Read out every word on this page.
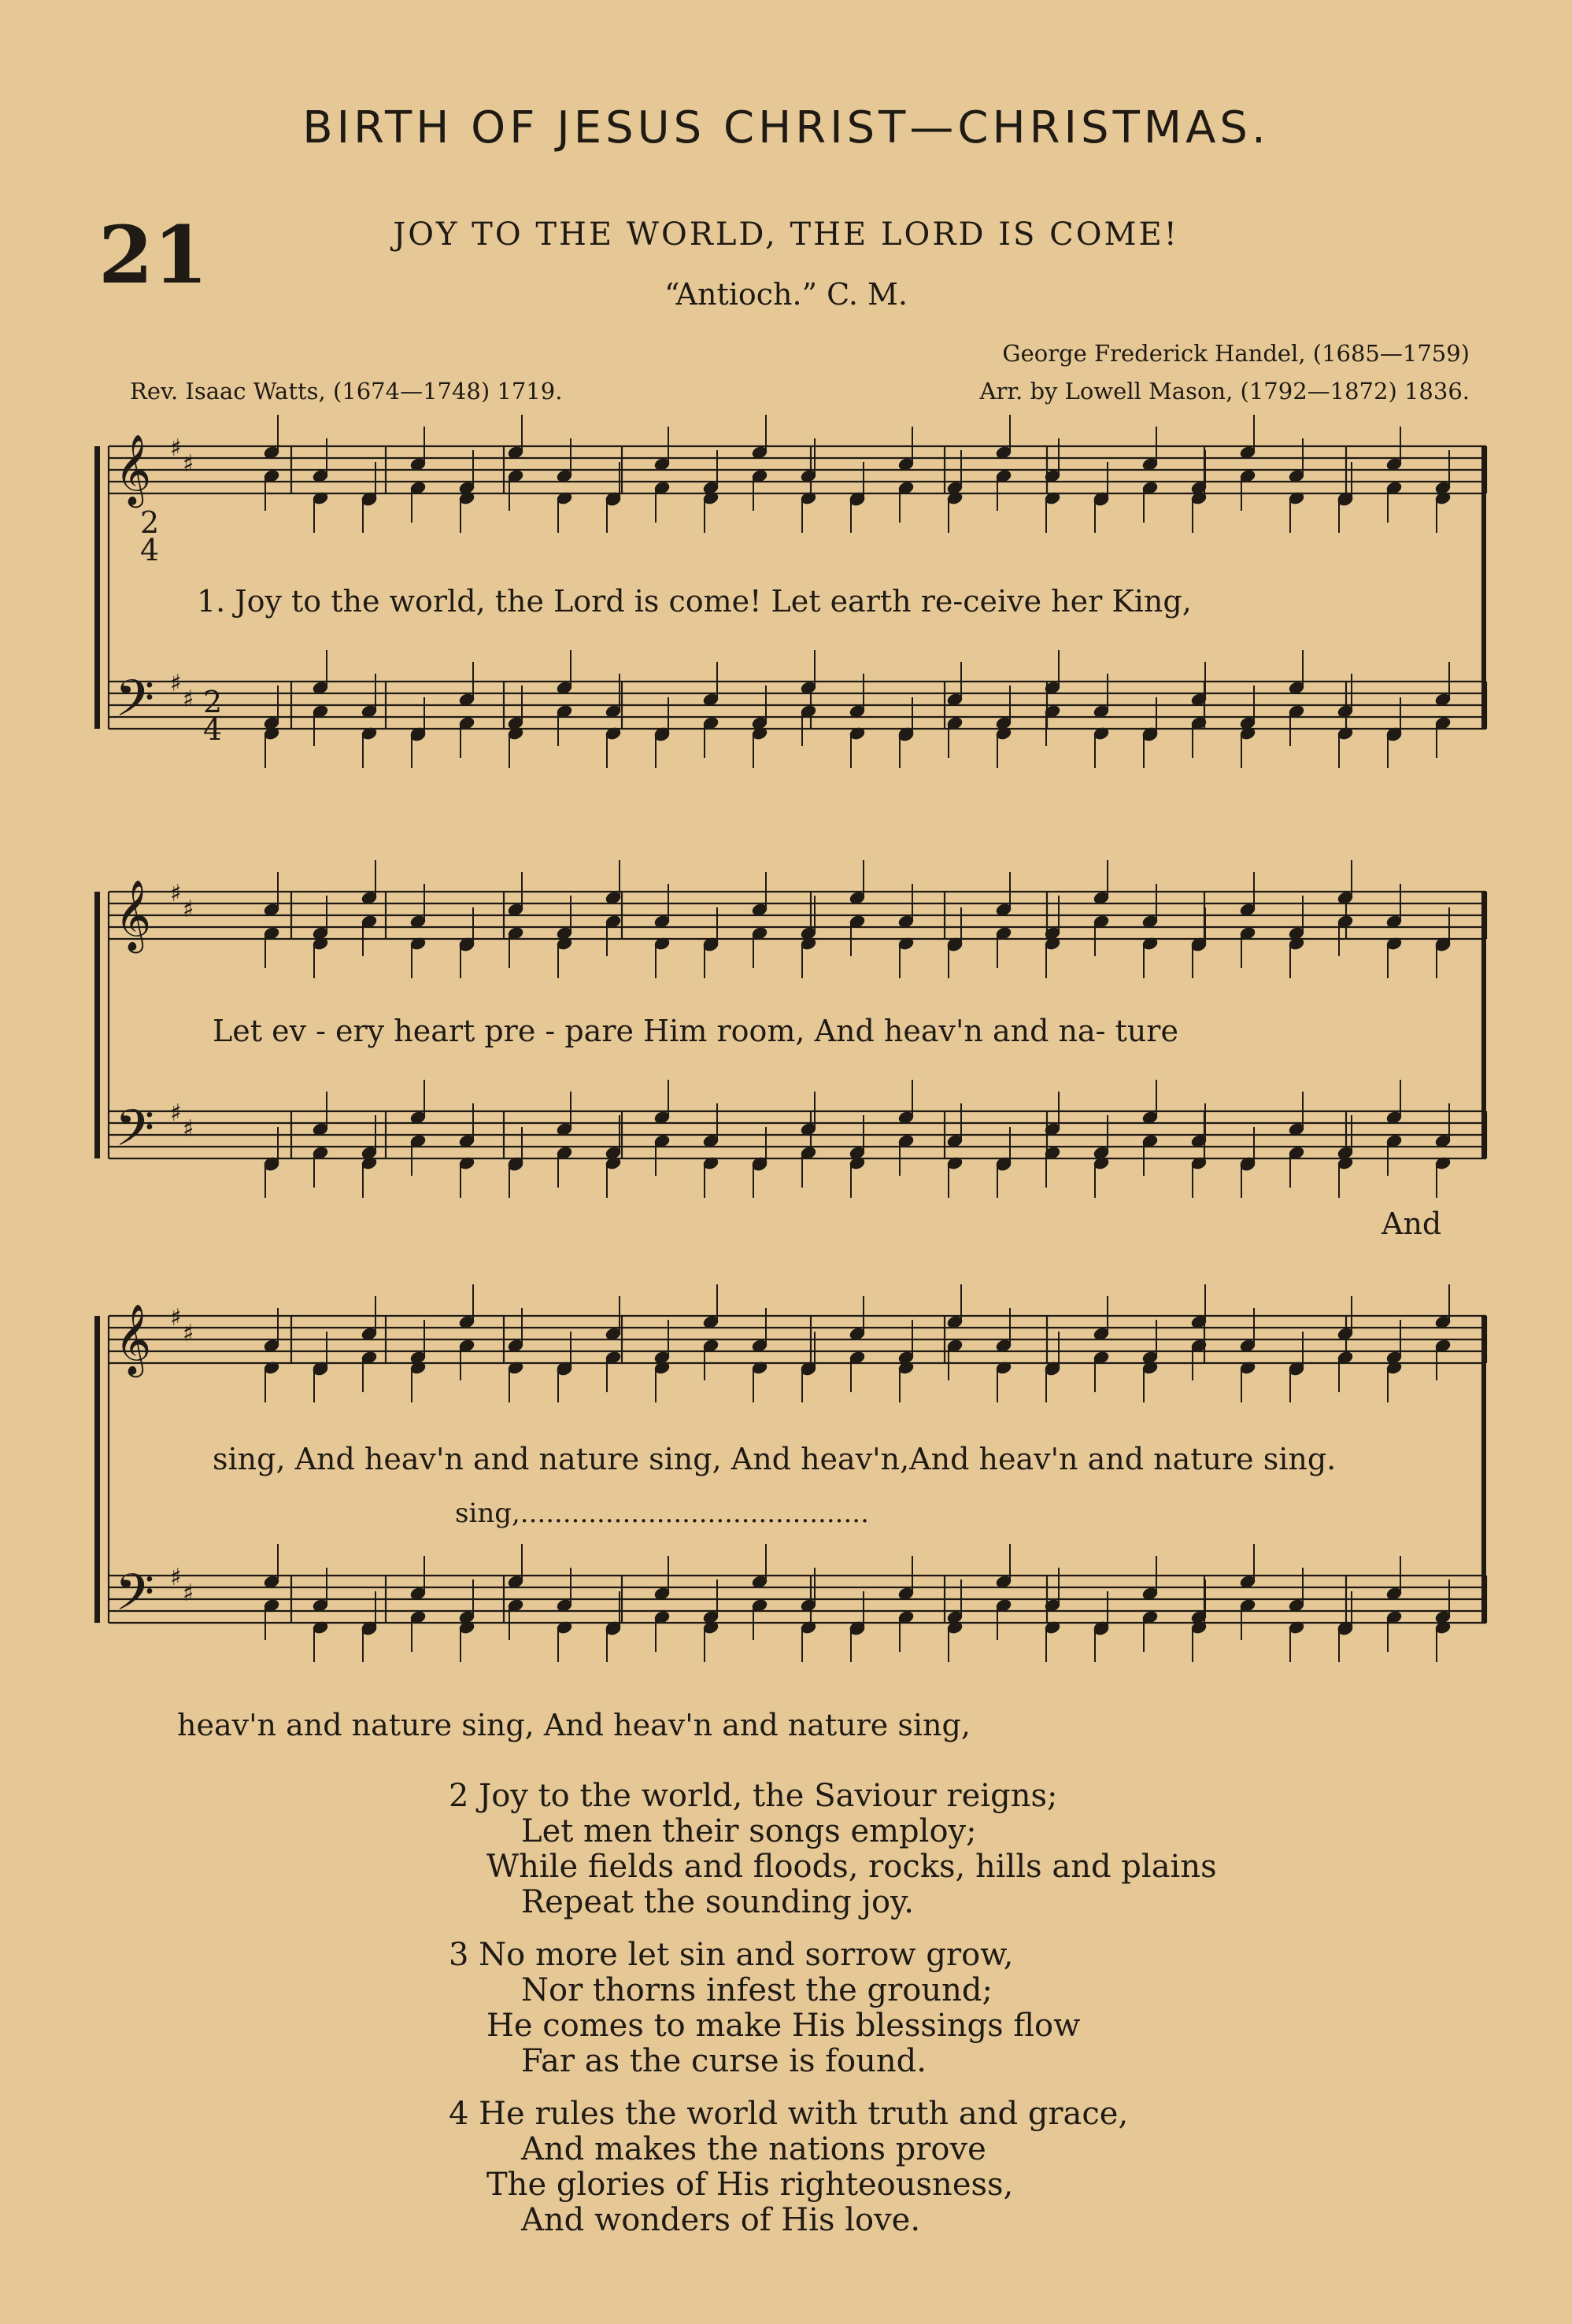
BIRTH OF JESUS CHRIST—CHRISTMAS.
21	JOY TO THE WORLD, THE LORD IS COME!
“Antioch.” C. M.
George Frederick Handel, (1685—1759)
Arr. by Lowell Mason, (1792—1872) 1836.
Rev. Isaac Watts, (1674—1748) 1719.
𝄞 ♯
♯
𝄢 ♯
♯
𝄞 ♯
♯
𝄢 ♯
♯
𝄞 ♯
♯
𝄢 ♯
♯
2
4
2
4
1. Joy to the world, the Lord is come! Let earth re-ceive her King,
Let ev - ery heart pre - pare Him room, And heav'n and na- ture
And
sing, And heav'n and nature sing, And heav'n,And heav'n and nature sing.
sing,.........................................
heav'n and nature sing, And heav'n and nature sing,
2 Joy to the world, the Saviour reigns;
Let men their songs employ;
While fields and floods, rocks, hills and plains
Repeat the sounding joy.
3 No more let sin and sorrow grow,
Nor thorns infest the ground;
He comes to make His blessings flow
Far as the curse is found.
4 He rules the world with truth and grace,
And makes the nations prove
The glories of His righteousness,
And wonders of His love.
